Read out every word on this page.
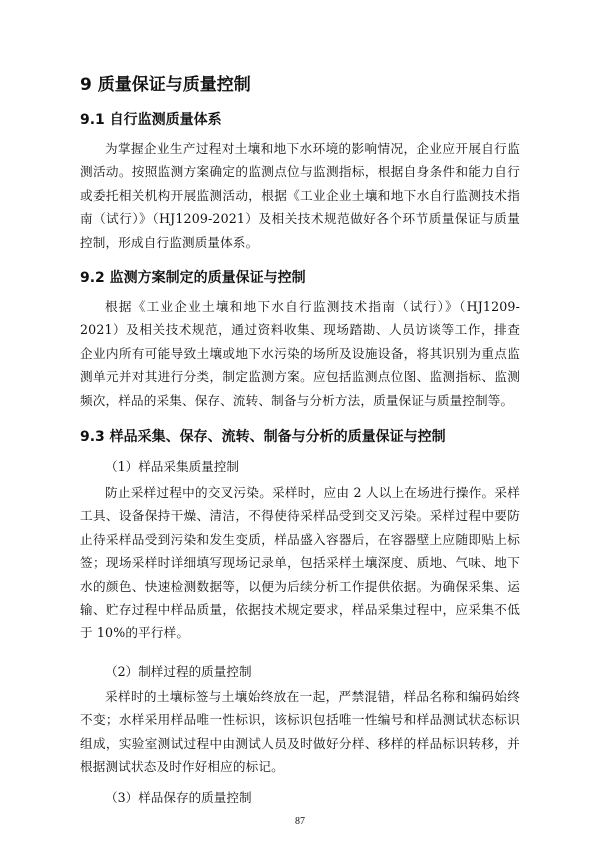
9 质量保证与质量控制
9.1 自行监测质量体系

为掌握企业生产过程对土壤和地下水环境的影响情况，企业应开展自行监测活动。按照监测方案确定的监测点位与监测指标，根据自身条件和能力自行或委托相关机构开展监测活动，根据《工业企业土壤和地下水自行监测技术指南（试行）》（HJ1209-2021）及相关技术规范做好各个环节质量保证与质量控制，形成自行监测质量体系。

9.2 监测方案制定的质量保证与控制

根据《工业企业土壤和地下水自行监测技术指南（试行）》（HJ1209-2021）及相关技术规范，通过资料收集、现场踏勘、人员访谈等工作，排查企业内所有可能导致土壤或地下水污染的场所及设施设备，将其识别为重点监测单元并对其进行分类，制定监测方案。应包括监测点位图、监测指标、监测频次，样品的采集、保存、流转、制备与分析方法，质量保证与质量控制等。

9.3 样品采集、保存、流转、制备与分析的质量保证与控制

（1）样品采集质量控制

防止采样过程中的交叉污染。采样时，应由 2 人以上在场进行操作。采样工具、设备保持干燥、清洁，不得使待采样品受到交叉污染。采样过程中要防止待采样品受到污染和发生变质，样品盛入容器后，在容器壁上应随即贴上标签；现场采样时详细填写现场记录单，包括采样土壤深度、质地、气味、地下水的颜色、快速检测数据等，以便为后续分析工作提供依据。为确保采集、运输、贮存过程中样品质量，依据技术规定要求，样品采集过程中，应采集不低于 10%的平行样。

（2）制样过程的质量控制

采样时的土壤标签与土壤始终放在一起，严禁混错，样品名称和编码始终不变；水样采用样品唯一性标识，该标识包括唯一性编号和样品测试状态标识组成，实验室测试过程中由测试人员及时做好分样、移样的样品标识转移，并根据测试状态及时作好相应的标记。

（3）样品保存的质量控制

87
